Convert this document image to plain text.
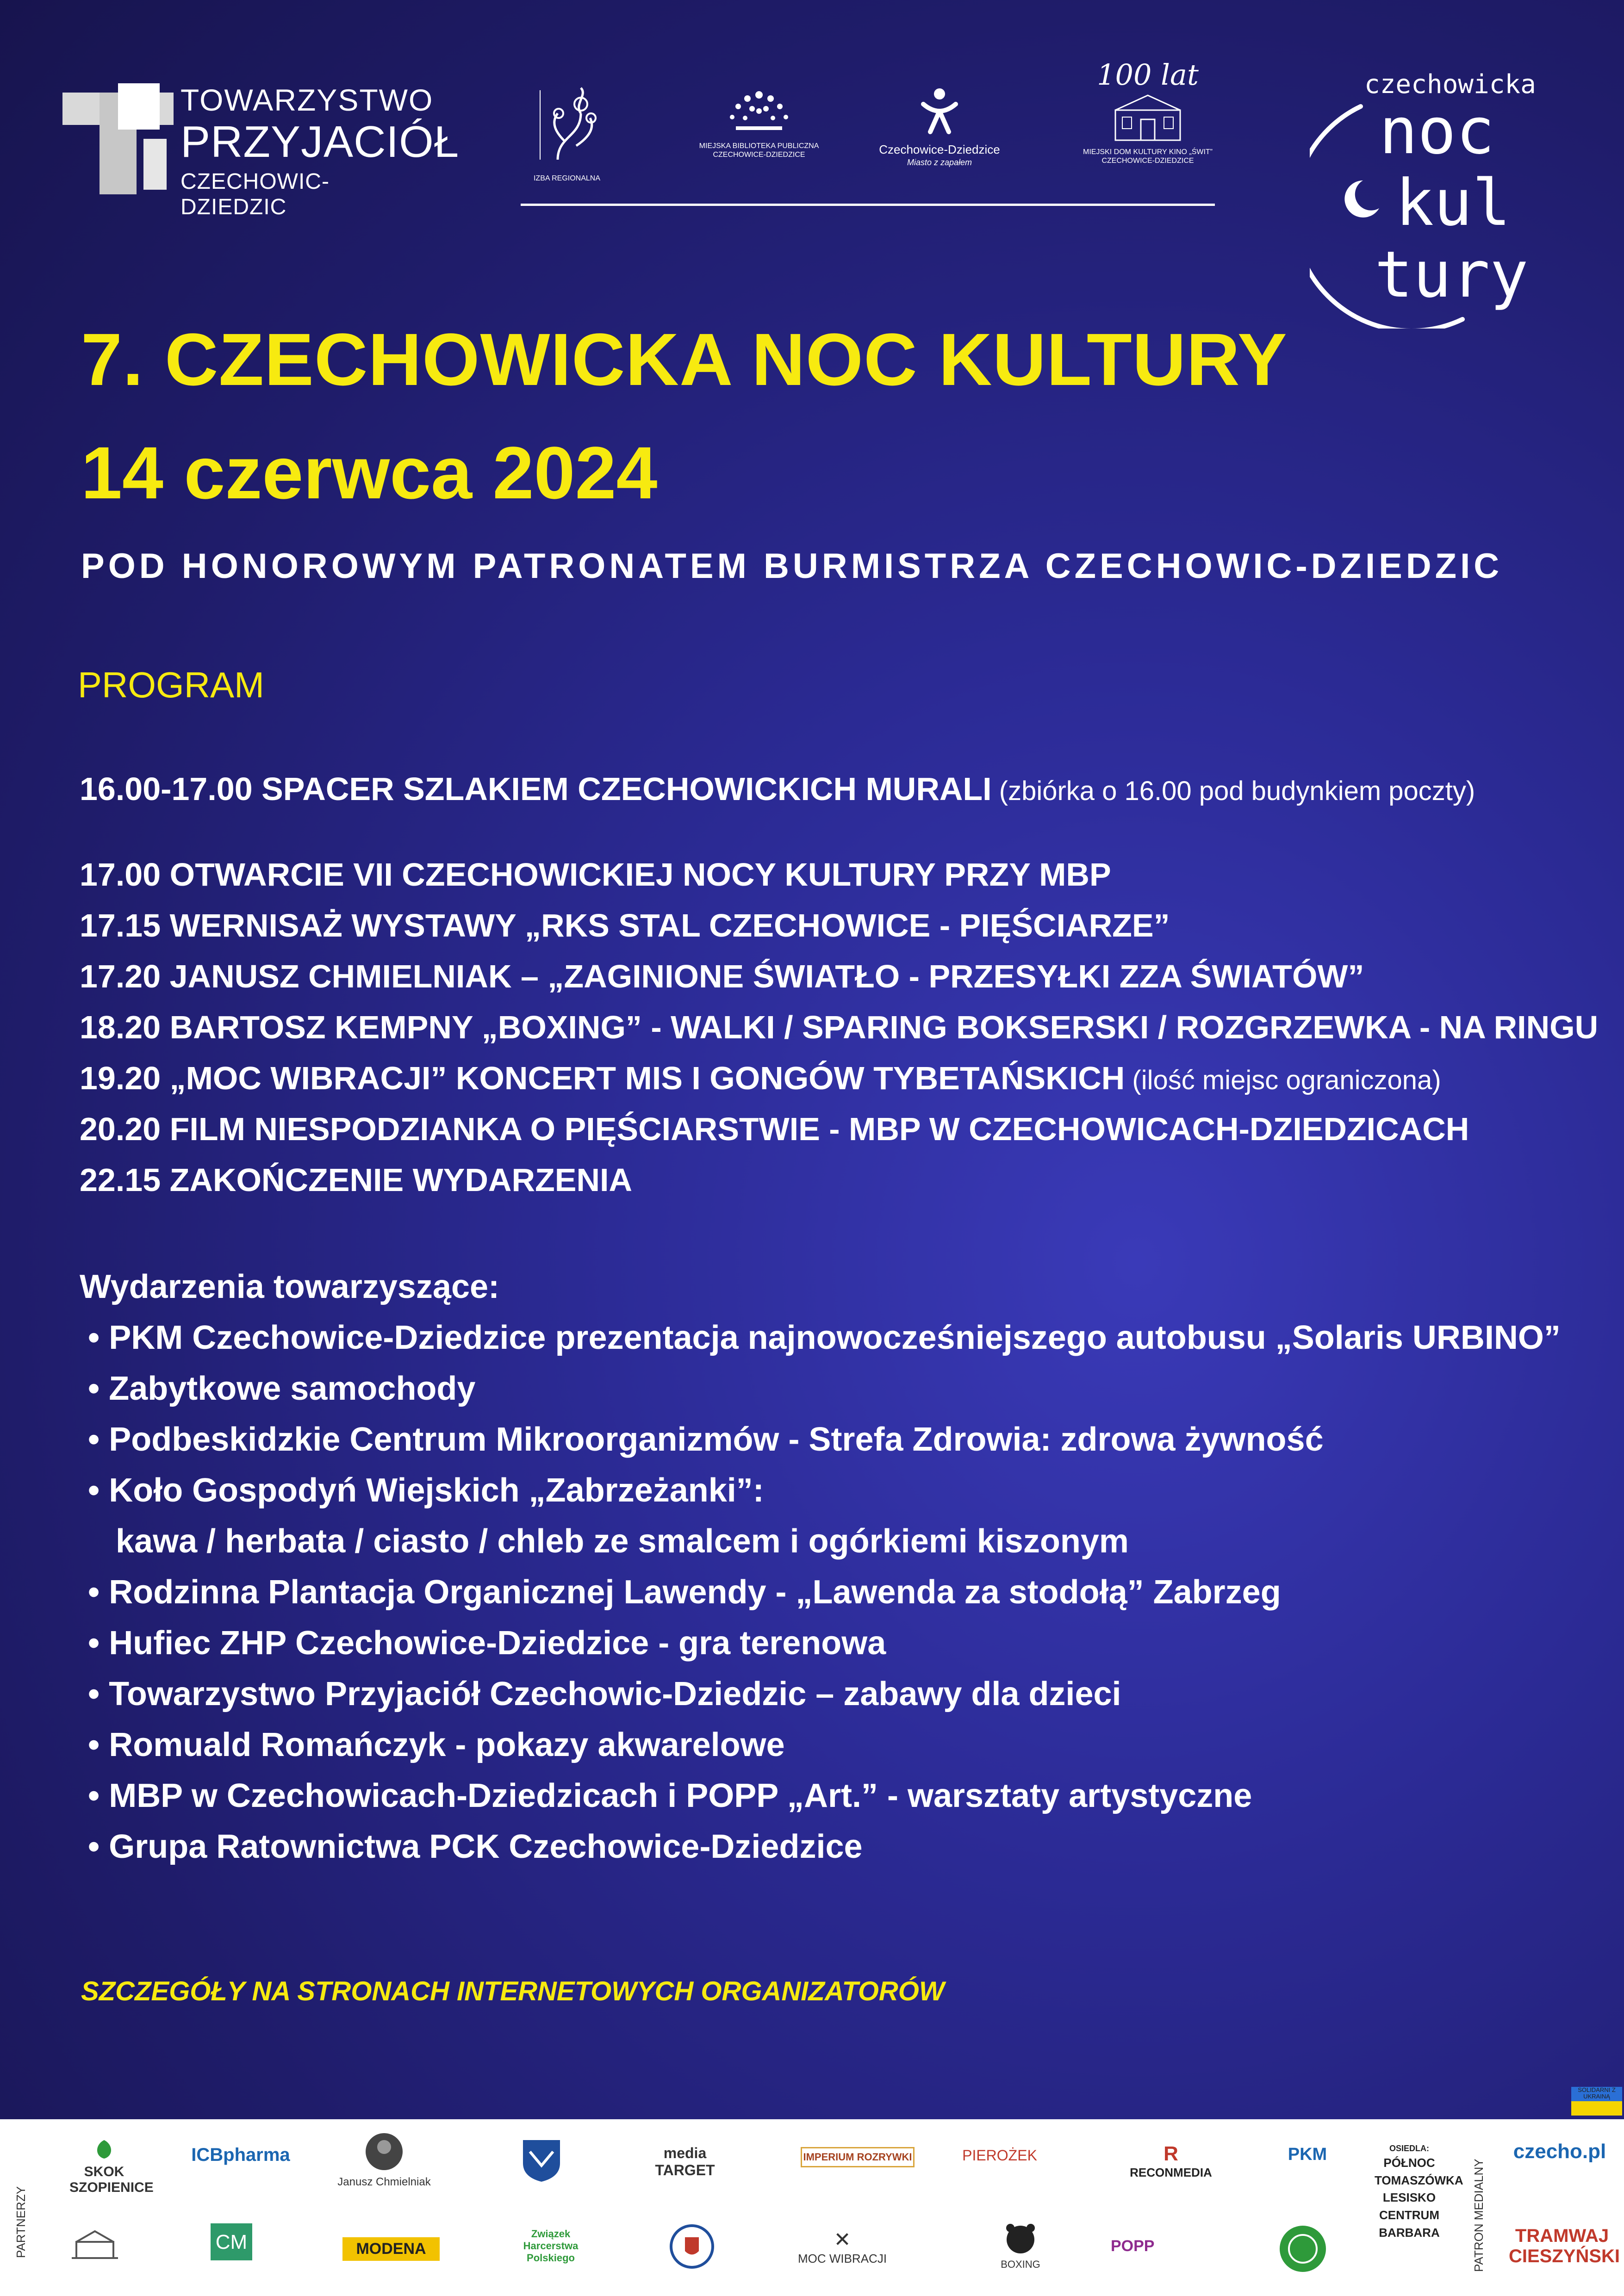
TOWARZYSTWO
PRZYJACIÓŁ
CZECHOWIC-DZIEDZIC
IZBA REGIONALNA
MIEJSKA BIBLIOTEKA PUBLICZNA CZECHOWICE-DZIEDZICE	Czechowice-Dziedzice
Miasto z zapałem
100 lat
MIEJSKI DOM KULTURY KINO „ŚWIT” CZECHOWICE-DZIEDZICE
czechowicka
noc
kul
tury
7. CZECHOWICKA NOC KULTURY
14 czerwca 2024
POD HONOROWYM PATRONATEM BURMISTRZA CZECHOWIC-DZIEDZIC
PROGRAM
16.00-17.00 SPACER SZLAKIEM CZECHOWICKICH MURALI (zbiórka o 16.00 pod budynkiem poczty)
17.00 OTWARCIE VII CZECHOWICKIEJ NOCY KULTURY PRZY MBP
17.15 WERNISAŻ WYSTAWY „RKS STAL CZECHOWICE - PIĘŚCIARZE”
17.20 JANUSZ CHMIELNIAK – „ZAGINIONE ŚWIATŁO - PRZESYŁKI ZZA ŚWIATÓW”
18.20 BARTOSZ KEMPNY „BOXING” - WALKI / SPARING BOKSERSKI / ROZGRZEWKA - NA RINGU
19.20 „MOC WIBRACJI” KONCERT MIS I GONGÓW TYBETAŃSKICH (ilość miejsc ograniczona)
20.20 FILM NIESPODZIANKA O PIĘŚCIARSTWIE - MBP W CZECHOWICACH-DZIEDZICACH
22.15 ZAKOŃCZENIE WYDARZENIA
Wydarzenia towarzyszące:
• PKM Czechowice-Dziedzice prezentacja najnowocześniejszego autobusu „Solaris URBINO”
• Zabytkowe samochody
• Podbeskidzkie Centrum Mikroorganizmów - Strefa Zdrowia: zdrowa żywność
• Koło Gospodyń Wiejskich „Zabrzeżanki”:
kawa / herbata / ciasto / chleb ze smalcem i ogórkiemi kiszonym
• Rodzinna Plantacja Organicznej Lawendy - „Lawenda za stodołą” Zabrzeg
• Hufiec ZHP Czechowice-Dziedzice - gra terenowa
• Towarzystwo Przyjaciół Czechowic-Dziedzic – zabawy dla dzieci
• Romuald Romańczyk - pokazy akwarelowe
• MBP w Czechowicach-Dziedzicach i POPP „Art.” - warsztaty artystyczne
• Grupa Ratownictwa PCK Czechowice-Dziedzice
SZCZEGÓŁY NA STRONACH INTERNETOWYCH ORGANIZATORÓW
SOLIDARNI Z UKRAINĄ
PARTNERZY
SKOK SZOPIENICE
ICBpharma
Janusz Chmielniak
media TARGET
IMPERIUM ROZRYWKI	PIEROŻEK	R
RECONMEDIA
PKM
CM	MODENA
Związek Harcerstwa Polskiego
✕
MOC WIBRACJI	BOXING
POPP
OSIEDLA:
PÓŁNOC
TOMASZÓWKA
LESISKO
CENTRUM
BARBARA	PATRON MEDIALNY
czecho.pl
TRAMWAJ CIESZYŃSKI
